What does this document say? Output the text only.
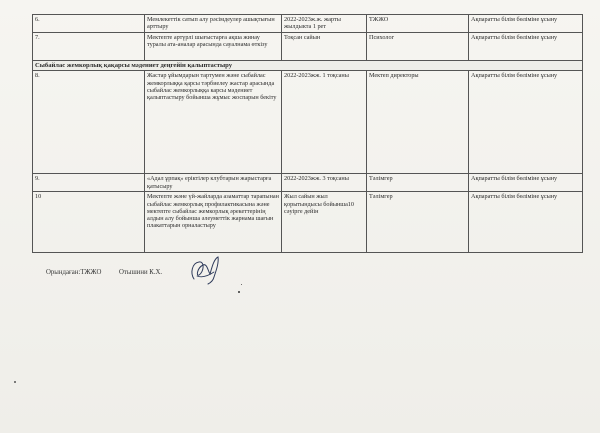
6.	Мемлекеттік сатып алу рәсімдеулер ашықтығын арттыру	2022-2023ж.ж. жарты жылдыкта 1 рет	ТЖЖО	Ақпаратты білім бөліміне ұсыну
7.	Мектепте артүрлі шығыстарға ақша жинау туралы ата-аналар арасында сауалнама өткізу	Тоқсан сайын	Психолог	Ақпаратты білім бөліміне ұсыну
Сыбайлас жемкорлық қақарсы мәдениет деңгейін қалыптастыру				
8.	Жастар ұйымдарын тартумен және сыбайлас жемкорлыққа қарсы тәрбиелеу жастар арасында сыбайлас жемкорлыққа карсы мәдениет қалыптастыру бойынша жұмыс жоспарын бекіту	2022-2023жж. 1 тоқсаны	Мектеп директоры	Ақпаратты білім бөліміне ұсыну
9.	«Адал ұрпақ» еріктілер клубтарын жарыстарға қатысыру	2022-2023жж. 3 тоқсаны	Тәлімгер	Ақпаратты білім бөліміне ұсыну
10	Мектепте және үй-жайларда азаматтар тарапынан сыбайлас жемкорлық профилактикасына және мектепте сыбайлас жемкорлық әрекеттерінің алдын алу бойынша әлеуметтік жарнама шағын плакаттарын орналастыру	Жыл сайын жыл қорытындысы бойынша10 сәуірге дейін	Тәлімгер	Ақпаратты білім бөліміне ұсыну
Орындаған:ТЖЖО	Отышини К.Х.
